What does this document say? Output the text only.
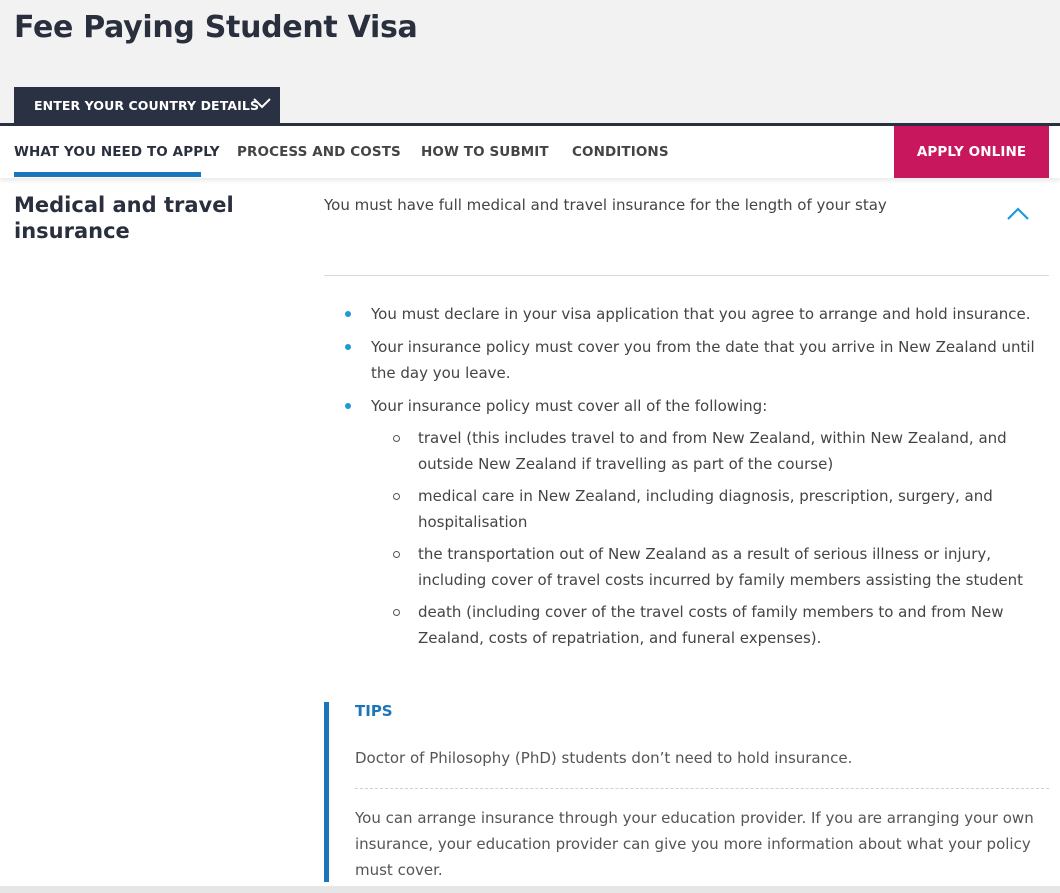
Fee Paying Student Visa
ENTER YOUR COUNTRY DETAILS
WHAT YOU NEED TO APPLY PROCESS AND COSTS HOW TO SUBMIT CONDITIONS	APPLY ONLINE
Medical and travel insurance
You must have full medical and travel insurance for the length of your stay
You must declare in your visa application that you agree to arrange and hold insurance.
Your insurance policy must cover you from the date that you arrive in New Zealand until the day you leave.
Your insurance policy must cover all of the following:
travel (this includes travel to and from New Zealand, within New Zealand, and outside New Zealand if travelling as part of the course)
medical care in New Zealand, including diagnosis, prescription, surgery, and hospitalisation
the transportation out of New Zealand as a result of serious illness or injury, including cover of travel costs incurred by family members assisting the student
death (including cover of the travel costs of family members to and from New Zealand, costs of repatriation, and funeral expenses).
TIPS
Doctor of Philosophy (PhD) students don’t need to hold insurance.
You can arrange insurance through your education provider. If you are arranging your own insurance, your education provider can give you more information about what your policy must cover.
